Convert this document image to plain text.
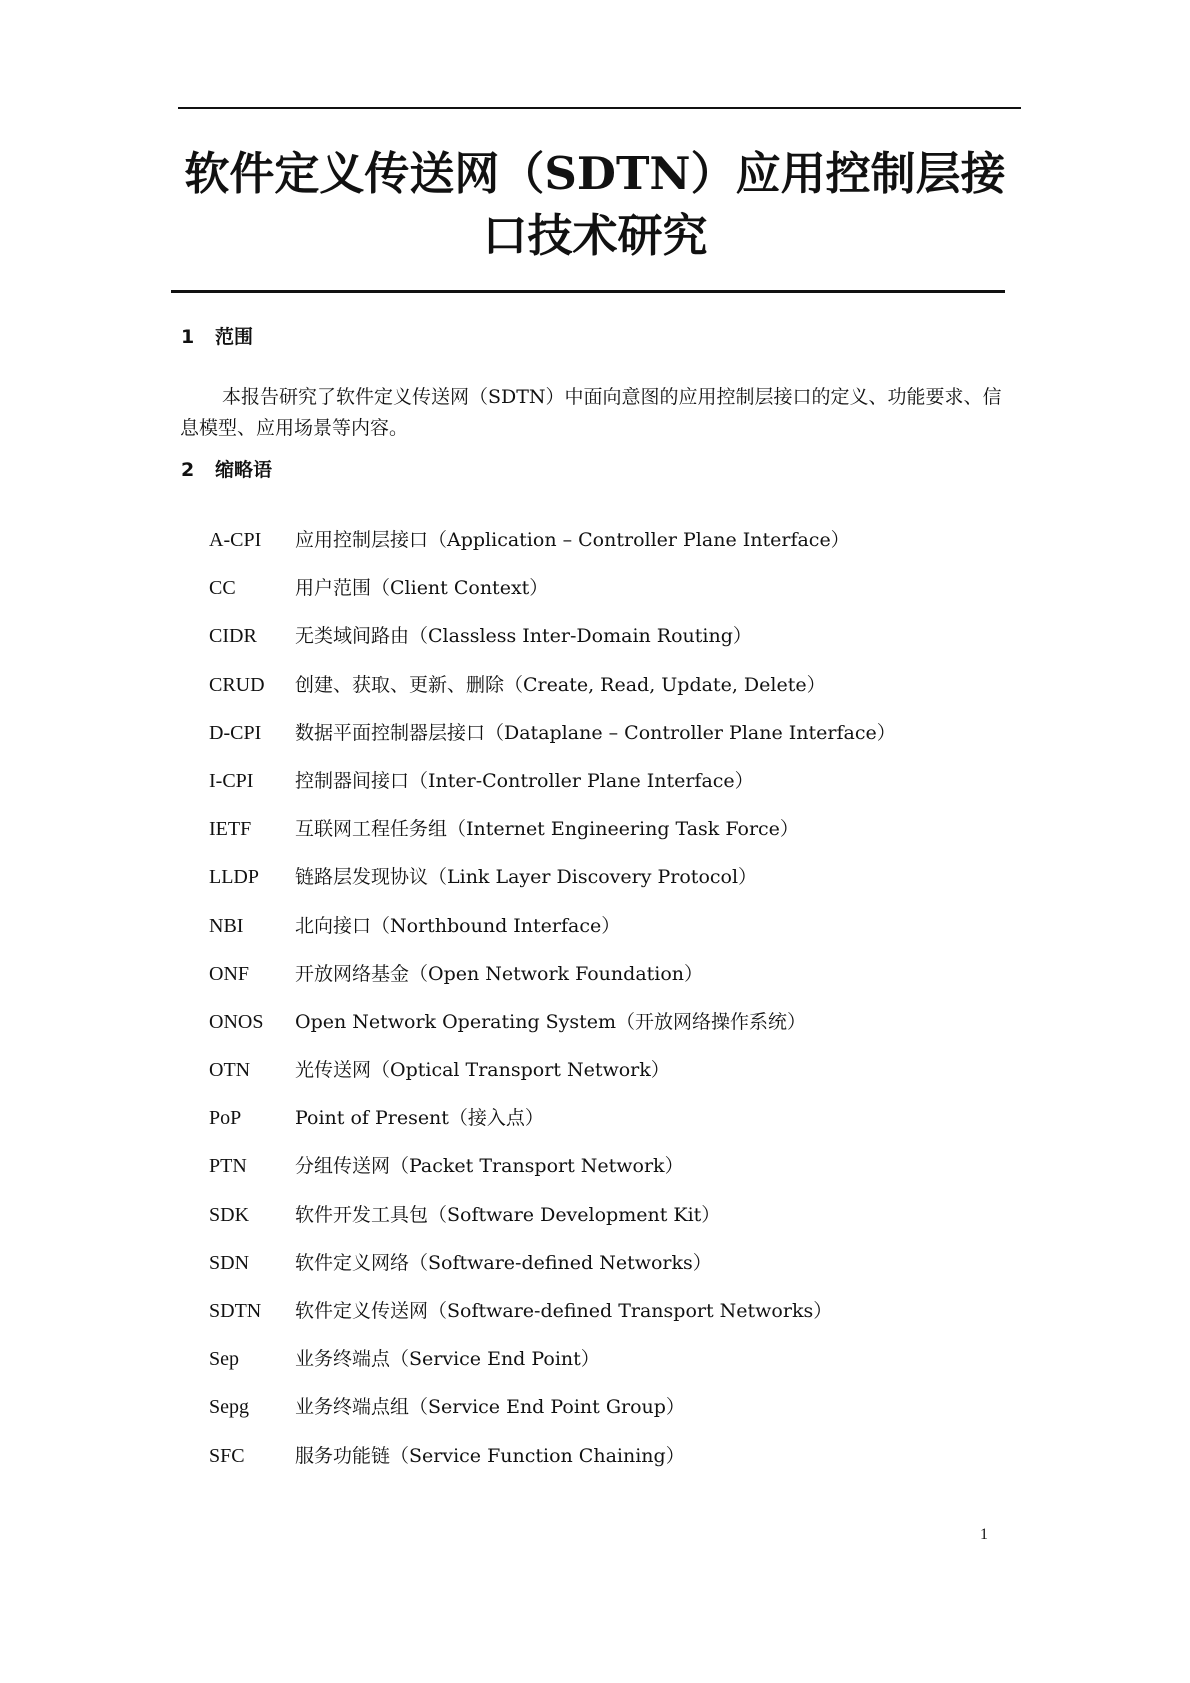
软件定义传送网（SDTN）应用控制层接
口技术研究
1 范围

本报告研究了软件定义传送网（SDTN）中面向意图的应用控制层接口的定义、功能要求、信息模型、应用场景等内容。

2 缩略语
A-CPI	应用控制层接口（Application – Controller Plane Interface）
CC	用户范围（Client Context）
CIDR	无类域间路由（Classless Inter-Domain Routing）
CRUD	创建、获取、更新、删除（Create, Read, Update, Delete）
D-CPI	数据平面控制器层接口（Dataplane – Controller Plane Interface）
I-CPI	控制器间接口（Inter-Controller Plane Interface）
IETF	互联网工程任务组（Internet Engineering Task Force）
LLDP	链路层发现协议（Link Layer Discovery Protocol）
NBI	北向接口（Northbound Interface）
ONF	开放网络基金（Open Network Foundation）
ONOS	Open Network Operating System（开放网络操作系统）
OTN	光传送网（Optical Transport Network）
PoP	Point of Present（接入点）
PTN	分组传送网（Packet Transport Network）
SDK	软件开发工具包（Software Development Kit）
SDN	软件定义网络（Software-defined Networks）
SDTN	软件定义传送网（Software-defined Transport Networks）
Sep	业务终端点（Service End Point）
Sepg	业务终端点组（Service End Point Group）
SFC	服务功能链（Service Function Chaining）
1
